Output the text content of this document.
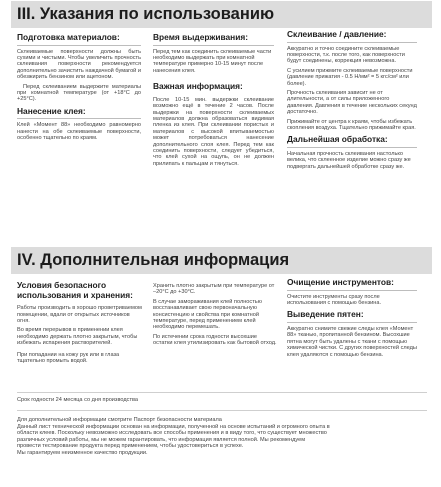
III. Указания по использованию
Подготовка материалов:

Склеиваемые поверхности должны быть сухими и чистыми. Чтобы увеличить прочность склеивания поверхности рекомендуется дополнительно зачистить наждачной бумагой и обезжирить бензином или ацетоном.

Перед склеиванием выдержите материалы при комнатной температуре (от +18°C до +25°C).

Нанесение клея:

Клей «Момент 88» необходимо равномерно нанести на обе склеиваемые поверхности, особенно тщательно по краям.

Время выдерживания:

Перед тем как соединить склеиваемые части необходимо выдержать при комнатной температуре примерно 10-15 минут после нанесения клея.

Важная информация:

После 10-15 мин. выдержки склеивание возможно ещё в течение 2 часов. После выдержки на поверхности склеиваемых материалов должна образоваться видимая пленка из клея. При склеивании пористых и материалов с высокой впитываемостью может потребоваться нанесение дополнительного слоя клея. Перед тем как соединить поверхности, следует убедиться, что клей сухой на ощупь, он не должен прилипать к пальцам и тянуться.

Склеивание / давление:

Аккуратно и точно соедините склеиваемые поверхности, т.к. после того, как поверхности будут соединены, коррекция невозможна.

С усилием прижмите склеиваемые поверхности (давление прижатия - 0.5 Н/мм² = 5 кгс/см² или более).

Прочность склеивания зависит не от длительности, а от силы приложенного давления. Давления в течение нескольких секунд достаточно.

Прижимайте от центра к краям, чтобы избежать скопления воздуха. Тщательно прижимайте края.

Дальнейшая обработка:

Начальная прочность склеивания настолько велика, что склеенное изделие можно сразу же подвергать дальнейшей обработке сразу же.

IV. Дополнительная информация
Условия безопасного использования и хранения:

Работы производить в хорошо проветриваемом помещении, вдали от открытых источников огня.

Во время перерывов в применении клея необходимо держать плотно закрытым, чтобы избежать испарения растворителей.

При попадании на кожу рук или в глаза тщательно промыть водой.

Хранить плотно закрытым при температуре от –20°C до +30°C.

В случае замораживания клей полностью восстанавливает свою первоначальную консистенцию и свойства при комнатной температуре, перед применением клей необходимо перемешать.

По истечении срока годности высохшие остатки клея утилизировать как бытовой отход.

Очищение инструментов:

Очистите инструменты сразу после использования с помощью бензина.

Выведение пятен:

Аккуратно снимите свежие следы клея «Момент 88» тканью, пропитанной бензином. Высохшие пятна могут быть удалены с ткани с помощью химической чистки. С других поверхностей следы клея удаляются с помощью бензина.

Срок годности 24 месяца со дня производства

Для дополнительной информации смотрите Паспорт безопасности материала

Данный лист технической информации основан на информации, полученной на основе испытаний и огромного опыта в

области клеев. Поскольку невозможно исследовать все способы применения и в виду того, что существует множество

различных условий работы, мы не можем гарантировать, что информация является полной. Мы рекомендуем

провести тестирование продукта перед применением, чтобы удостовериться в успехе.

Мы гарантируем неизменное качество продукции.
